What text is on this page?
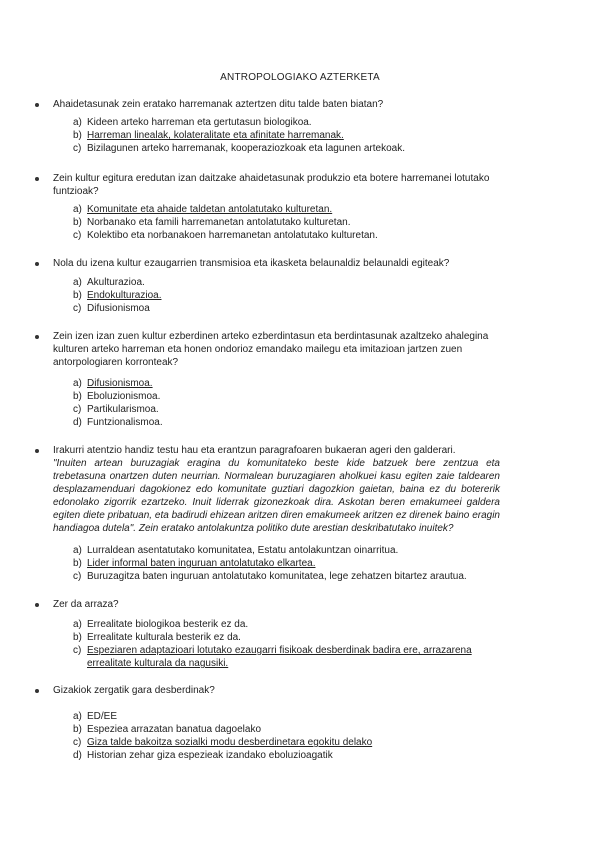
ANTROPOLOGIAKO AZTERKETA
Ahaidetasunak zein eratako harremanak aztertzen ditu talde baten biatan?
a) Kideen arteko harreman eta gertutasun biologikoa.
b) Harreman linealak, kolateralitate eta afinitate harremanak.
c) Bizilagunen arteko harremanak, kooperaziozkoak eta lagunen artekoak.
Zein kultur egitura eredutan izan daitzake ahaidetasunak produkzio eta botere harremanei lotutako funtzioak?
a) Komunitate eta ahaide taldetan antolatutako kulturetan.
b) Norbanako eta famili harremanetan antolatutako kulturetan.
c) Kolektibo eta norbanakoen harremanetan antolatutako kulturetan.
Nola du izena kultur ezaugarrien transmisioa eta ikasketa belaunaldiz belaunaldi egiteak?
a) Akulturazioa.
b) Endokulturazioa.
c) Difusionismoa
Zein izen izan zuen kultur ezberdinen arteko ezberdintasun eta berdintasunak azaltzeko ahalegina kulturen arteko harreman eta honen ondorioz emandako mailegu eta imitazioan jartzen zuen antorpologiaren korronteak?
a) Difusionismoa.
b) Eboluzionismoa.
c) Partikularismoa.
d) Funtzionalismoa.
Irakurri atentzio handiz testu hau eta erantzun paragrafoaren bukaeran ageri den galderari.
"Inuiten artean buruzagiak eragina du komunitateko beste kide batzuek bere zentzua eta trebetasuna onartzen duten neurrian. Normalean buruzagiaren aholkuei kasu egiten zaie taldearen desplazamenduari dagokionez edo komunitate guztiari dagozkion gaietan, baina ez du botererik edonolako zigorrik ezartzeko. Inuit liderrak gizonezkoak dira. Askotan beren emakumeei galdera egiten diete pribatuan, eta badirudi ehizean aritzen diren emakumeek aritzen ez direnek baino eragin handiagoa dutela". Zein eratako antolakuntza politiko dute arestian deskribatutako inuitek?
a) Lurraldean asentatutako komunitatea, Estatu antolakuntzan oinarritua.
b) Lider informal baten inguruan antolatutako elkartea.
c) Buruzagitza baten inguruan antolatutako komunitatea, lege zehatzen bitartez arautua.
Zer da arraza?
a) Errealitate biologikoa besterik ez da.
b) Errealitate kulturala besterik ez da.
c) Espeziaren adaptazioari lotutako ezaugarri fisikoak desberdinak badira ere, arrazarena errealitate kulturala da nagusiki.
Gizakiok zergatik gara desberdinak?
a) ED/EE
b) Espeziea arrazatan banatua dagoelako
c) Giza talde bakoitza sozialki modu desberdinetara egokitu delako
d) Historian zehar giza espezieak izandako eboluzioagatik
